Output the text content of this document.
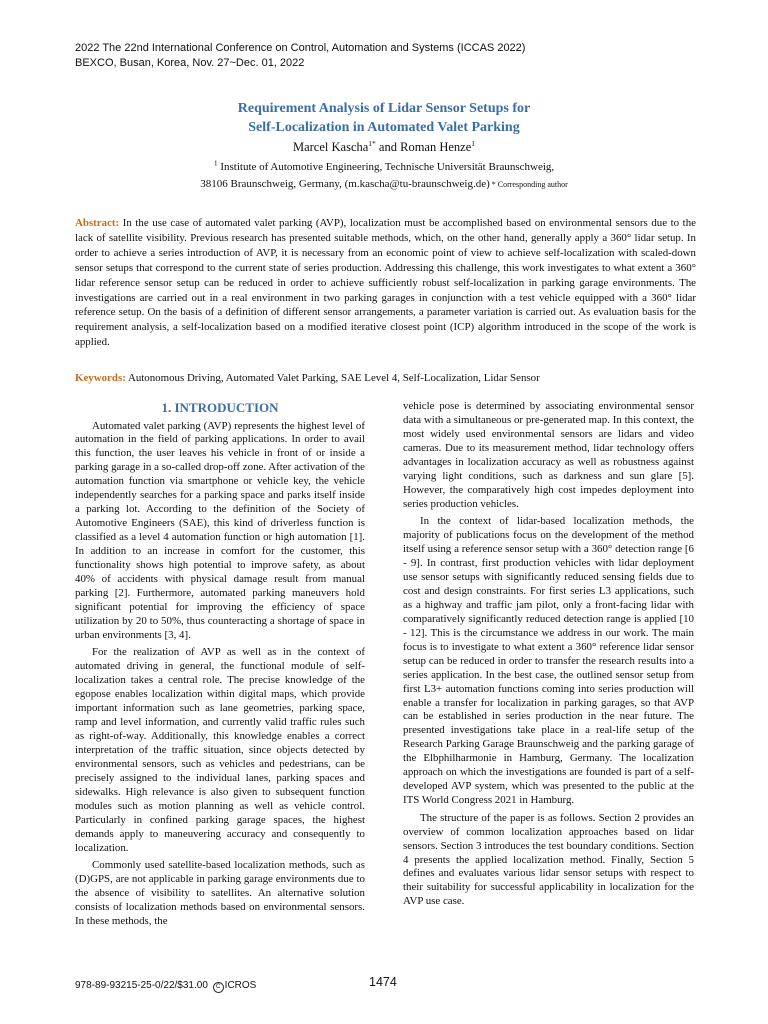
2022 The 22nd International Conference on Control, Automation and Systems (ICCAS 2022)
BEXCO, Busan, Korea, Nov. 27~Dec. 01, 2022
Requirement Analysis of Lidar Sensor Setups for
Self-Localization in Automated Valet Parking
Marcel Kascha$^{1*}$ and Roman Henze$^1$
$^1$ Institute of Automotive Engineering, Technische Universität Braunschweig,
38106 Braunschweig, Germany, (m.kascha@tu-braunschweig.de) * Corresponding author

Abstract: In the use case of automated valet parking (AVP), localization must be accomplished based on environmental sensors due to the lack of satellite visibility. Previous research has presented suitable methods, which, on the other hand, generally apply a 360° lidar setup. In order to achieve a series introduction of AVP, it is necessary from an economic point of view to achieve self-localization with scaled-down sensor setups that correspond to the current state of series production. Addressing this challenge, this work investigates to what extent a 360° lidar reference sensor setup can be reduced in order to achieve sufficiently robust self-localization in parking garage environments. The investigations are carried out in a real environment in two parking garages in conjunction with a test vehicle equipped with a 360° lidar reference setup. On the basis of a definition of different sensor arrangements, a parameter variation is carried out. As evaluation basis for the requirement analysis, a self-localization based on a modified iterative closest point (ICP) algorithm introduced in the scope of the work is applied.

Keywords: Autonomous Driving, Automated Valet Parking, SAE Level 4, Self-Localization, Lidar Sensor

1. INTRODUCTION

Automated valet parking (AVP) represents the highest level of automation in the field of parking applications. In order to avail this function, the user leaves his vehicle in front of or inside a parking garage in a so-called drop-off zone. After activation of the automation function via smartphone or vehicle key, the vehicle independently searches for a parking space and parks itself inside a parking lot. According to the definition of the Society of Automotive Engineers (SAE), this kind of driverless function is classified as a level 4 automation function or high automation [1]. In addition to an increase in comfort for the customer, this functionality shows high potential to improve safety, as about 40% of accidents with physical damage result from manual parking [2]. Furthermore, automated parking maneuvers hold significant potential for improving the efficiency of space utilization by 20 to 50%, thus counteracting a shortage of space in urban environments [3, 4].

For the realization of AVP as well as in the context of automated driving in general, the functional module of self-localization takes a central role. The precise knowledge of the egopose enables localization within digital maps, which provide important information such as lane geometries, parking space, ramp and level information, and currently valid traffic rules such as right-of-way. Additionally, this knowledge enables a correct interpretation of the traffic situation, since objects detected by environmental sensors, such as vehicles and pedestrians, can be precisely assigned to the individual lanes, parking spaces and sidewalks. High relevance is also given to subsequent function modules such as motion planning as well as vehicle control. Particularly in confined parking garage spaces, the highest demands apply to maneuvering accuracy and consequently to localization.

Commonly used satellite-based localization methods, such as (D)GPS, are not applicable in parking garage environments due to the absence of visibility to satellites. An alternative solution consists of localization methods based on environmental sensors. In these methods, the

vehicle pose is determined by associating environmental sensor data with a simultaneous or pre-generated map. In this context, the most widely used environmental sensors are lidars and video cameras. Due to its measurement method, lidar technology offers advantages in localization accuracy as well as robustness against varying light conditions, such as darkness and sun glare [5]. However, the comparatively high cost impedes deployment into series production vehicles.

In the context of lidar-based localization methods, the majority of publications focus on the development of the method itself using a reference sensor setup with a 360° detection range [6 - 9]. In contrast, first production vehicles with lidar deployment use sensor setups with significantly reduced sensing fields due to cost and design constraints. For first series L3 applications, such as a highway and traffic jam pilot, only a front-facing lidar with comparatively significantly reduced detection range is applied [10 - 12]. This is the circumstance we address in our work. The main focus is to investigate to what extent a 360° reference lidar sensor setup can be reduced in order to transfer the research results into a series application. In the best case, the outlined sensor setup from first L3+ automation functions coming into series production will enable a transfer for localization in parking garages, so that AVP can be established in series production in the near future. The presented investigations take place in a real-life setup of the Research Parking Garage Braunschweig and the parking garage of the Elbphilharmonie in Hamburg, Germany. The localization approach on which the investigations are founded is part of a self-developed AVP system, which was presented to the public at the ITS World Congress 2021 in Hamburg.

The structure of the paper is as follows. Section 2 provides an overview of common localization approaches based on lidar sensors. Section 3 introduces the test boundary conditions. Section 4 presents the applied localization method. Finally, Section 5 defines and evaluates various lidar sensor setups with respect to their suitability for successful applicability in localization for the AVP use case.

978-89-93215-25-0/22/$31.00 C ICROS	1474
